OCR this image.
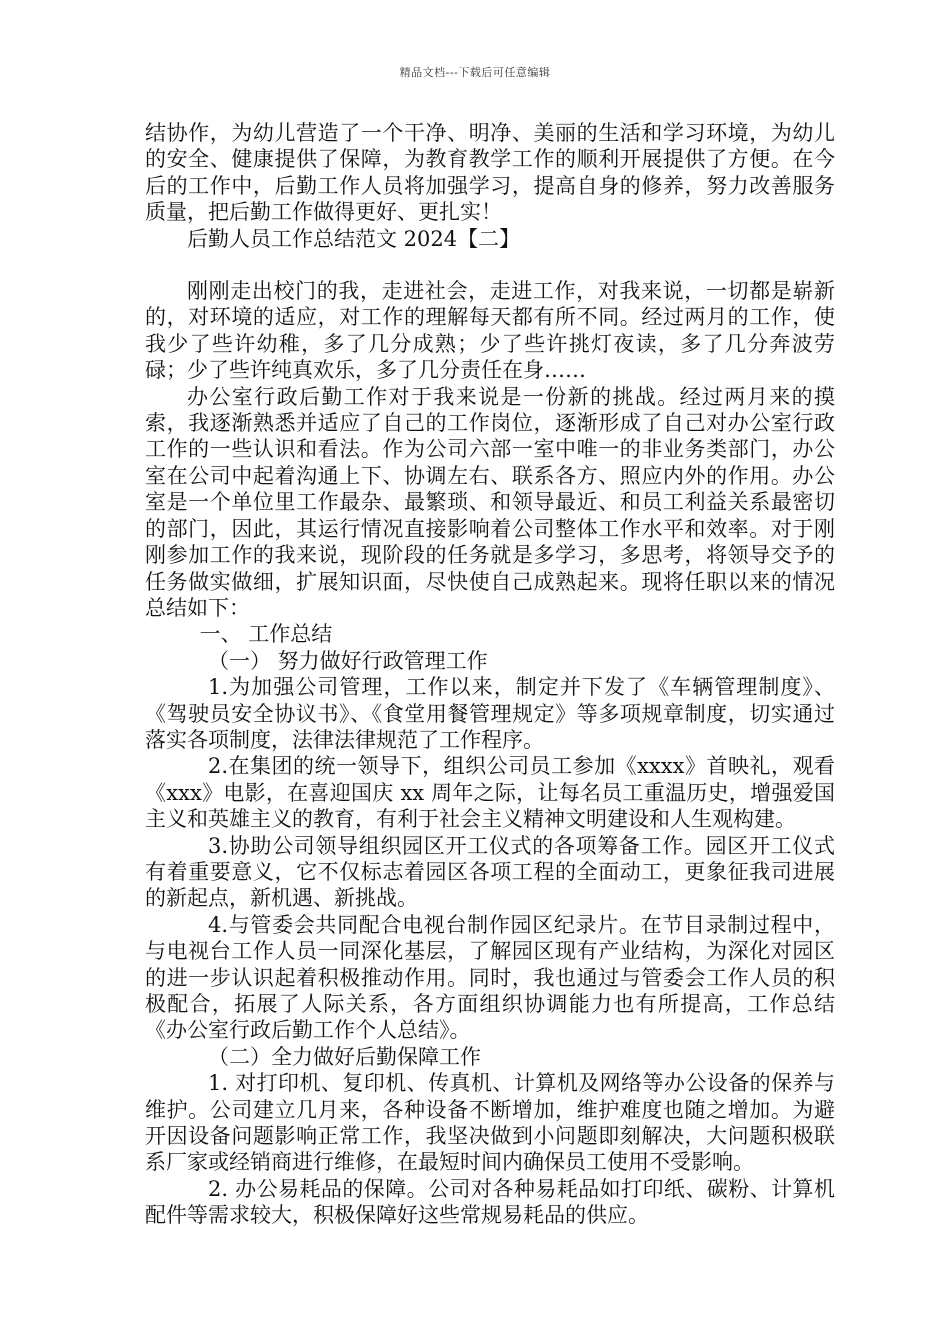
精品文档---下载后可任意编辑

结协作，为幼儿营造了一个干净、明净、美丽的生活和学习环境，为幼儿的安全、健康提供了保障，为教育教学工作的顺利开展提供了方便。在今后的工作中，后勤工作人员将加强学习，提高自身的修养，努力改善服务质量，把后勤工作做得更好、更扎实！

后勤人员工作总结范文 2024【二】

刚刚走出校门的我，走进社会，走进工作，对我来说，一切都是崭新的，对环境的适应，对工作的理解每天都有所不同。经过两月的工作，使我少了些许幼稚，多了几分成熟；少了些许挑灯夜读，多了几分奔波劳碌；少了些许纯真欢乐，多了几分责任在身……

办公室行政后勤工作对于我来说是一份新的挑战。经过两月来的摸索，我逐渐熟悉并适应了自己的工作岗位，逐渐形成了自己对办公室行政工作的一些认识和看法。作为公司六部一室中唯一的非业务类部门，办公室在公司中起着沟通上下、协调左右、联系各方、照应内外的作用。办公室是一个单位里工作最杂、最繁琐、和领导最近、和员工利益关系最密切的部门，因此，其运行情况直接影响着公司整体工作水平和效率。对于刚刚参加工作的我来说，现阶段的任务就是多学习，多思考，将领导交予的任务做实做细，扩展知识面，尽快使自己成熟起来。现将任职以来的情况总结如下：

一、 工作总结

（一） 努力做好行政管理工作

1.为加强公司管理，工作以来，制定并下发了《车辆管理制度》、《驾驶员安全协议书》、《食堂用餐管理规定》等多项规章制度，切实通过落实各项制度，法律法律规范了工作程序。

2.在集团的统一领导下，组织公司员工参加《xxxx》首映礼，观看《xxx》电影，在喜迎国庆 xx 周年之际，让每名员工重温历史，增强爱国主义和英雄主义的教育，有利于社会主义精神文明建设和人生观构建。

3.协助公司领导组织园区开工仪式的各项筹备工作。园区开工仪式有着重要意义，它不仅标志着园区各项工程的全面动工，更象征我司进展的新起点，新机遇、新挑战。

4.与管委会共同配合电视台制作园区纪录片。在节目录制过程中，与电视台工作人员一同深化基层，了解园区现有产业结构，为深化对园区的进一步认识起着积极推动作用。同时，我也通过与管委会工作人员的积极配合，拓展了人际关系，各方面组织协调能力也有所提高，工作总结《办公室行政后勤工作个人总结》。

（二）全力做好后勤保障工作

1. 对打印机、复印机、传真机、计算机及网络等办公设备的保养与维护。公司建立几月来，各种设备不断增加，维护难度也随之增加。为避开因设备问题影响正常工作，我坚决做到小问题即刻解决，大问题积极联系厂家或经销商进行维修，在最短时间内确保员工使用不受影响。

2. 办公易耗品的保障。公司对各种易耗品如打印纸、碳粉、计算机配件等需求较大，积极保障好这些常规易耗品的供应。
